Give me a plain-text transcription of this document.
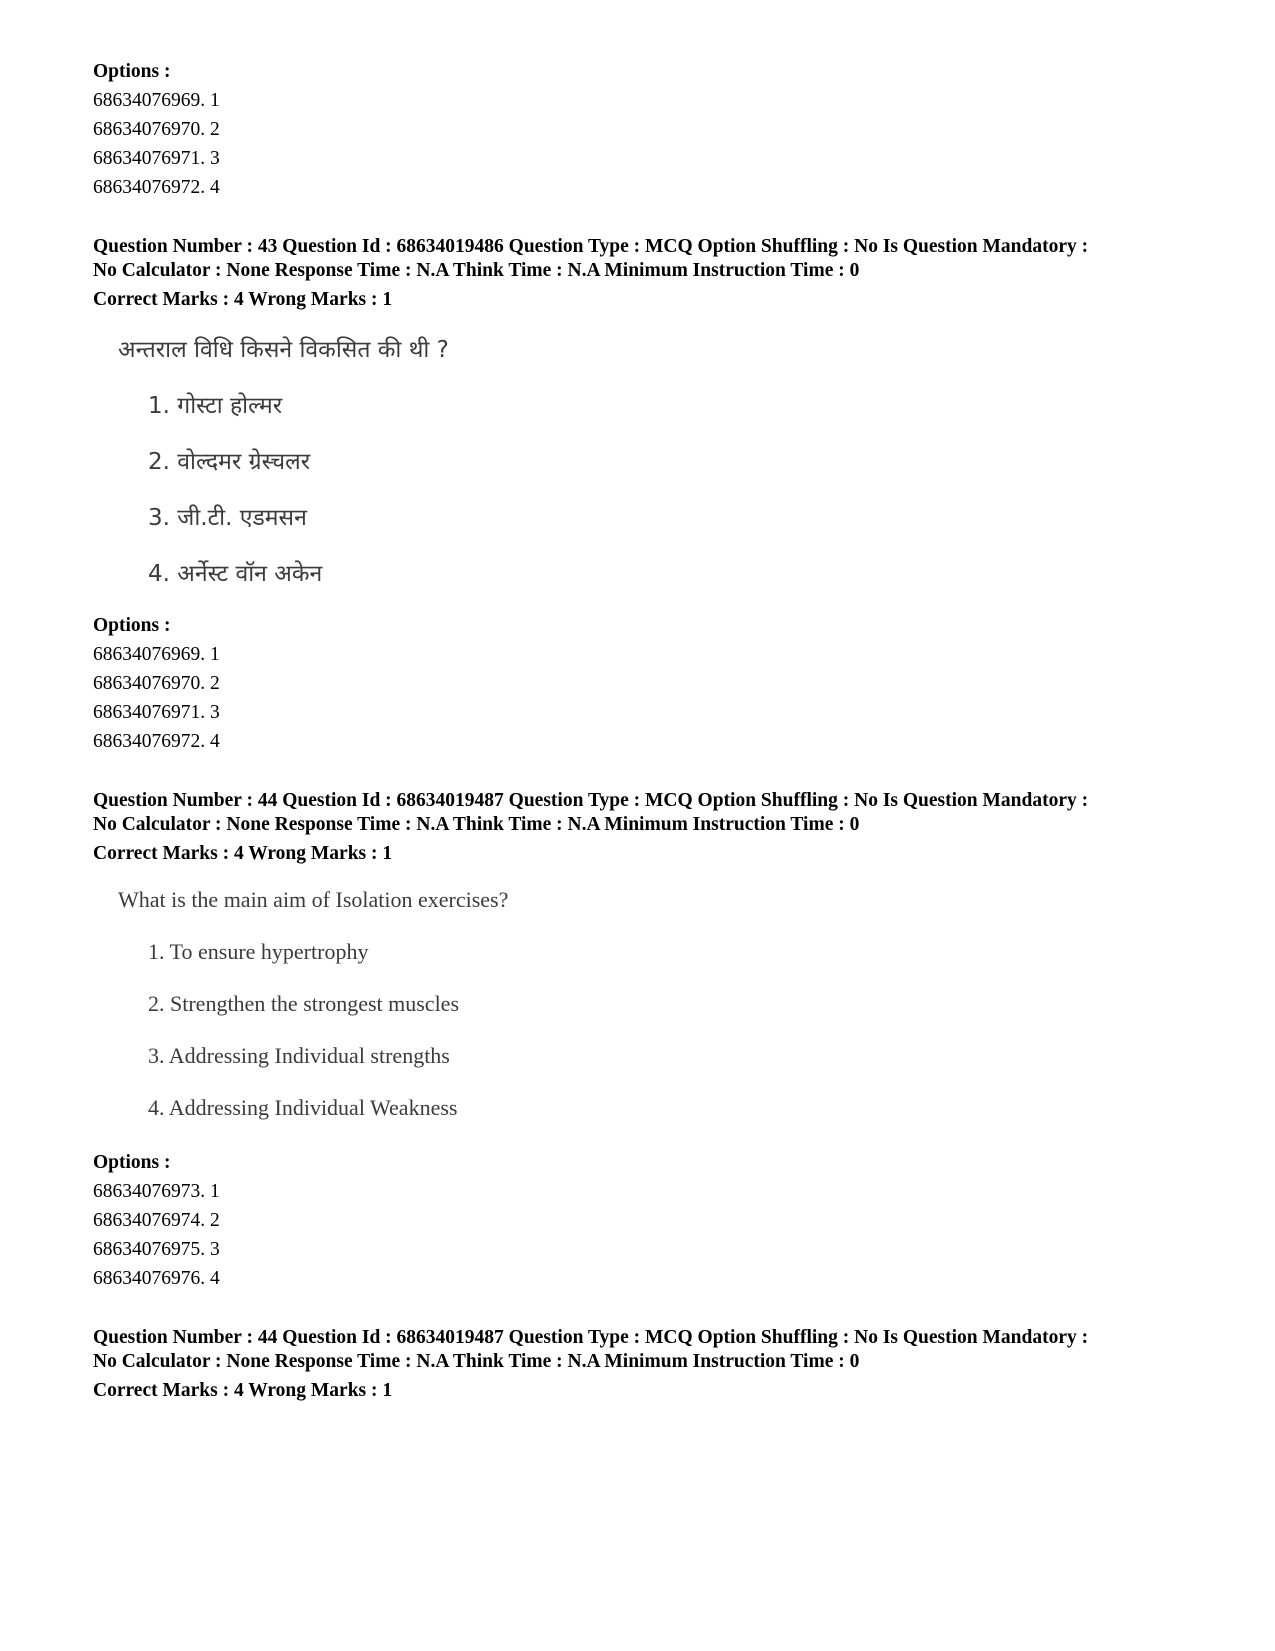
Options :
68634076969. 1
68634076970. 2
68634076971. 3
68634076972. 4
Question Number : 43 Question Id : 68634019486 Question Type : MCQ Option Shuffling : No Is Question Mandatory :
No Calculator : None Response Time : N.A Think Time : N.A Minimum Instruction Time : 0
Correct Marks : 4 Wrong Marks : 1
अन्तराल विधि किसने विकसित की थी ?
1. गोस्टा होल्मर
2. वोल्दमर ग्रेस्चलर
3. जी.टी. एडमसन
4. अर्नेस्ट वॉन अकेन
Options :
68634076969. 1
68634076970. 2
68634076971. 3
68634076972. 4
Question Number : 44 Question Id : 68634019487 Question Type : MCQ Option Shuffling : No Is Question Mandatory :
No Calculator : None Response Time : N.A Think Time : N.A Minimum Instruction Time : 0
Correct Marks : 4 Wrong Marks : 1
What is the main aim of Isolation exercises?
1. To ensure hypertrophy
2. Strengthen the strongest muscles
3. Addressing Individual strengths
4. Addressing Individual Weakness
Options :
68634076973. 1
68634076974. 2
68634076975. 3
68634076976. 4
Question Number : 44 Question Id : 68634019487 Question Type : MCQ Option Shuffling : No Is Question Mandatory :
No Calculator : None Response Time : N.A Think Time : N.A Minimum Instruction Time : 0
Correct Marks : 4 Wrong Marks : 1
